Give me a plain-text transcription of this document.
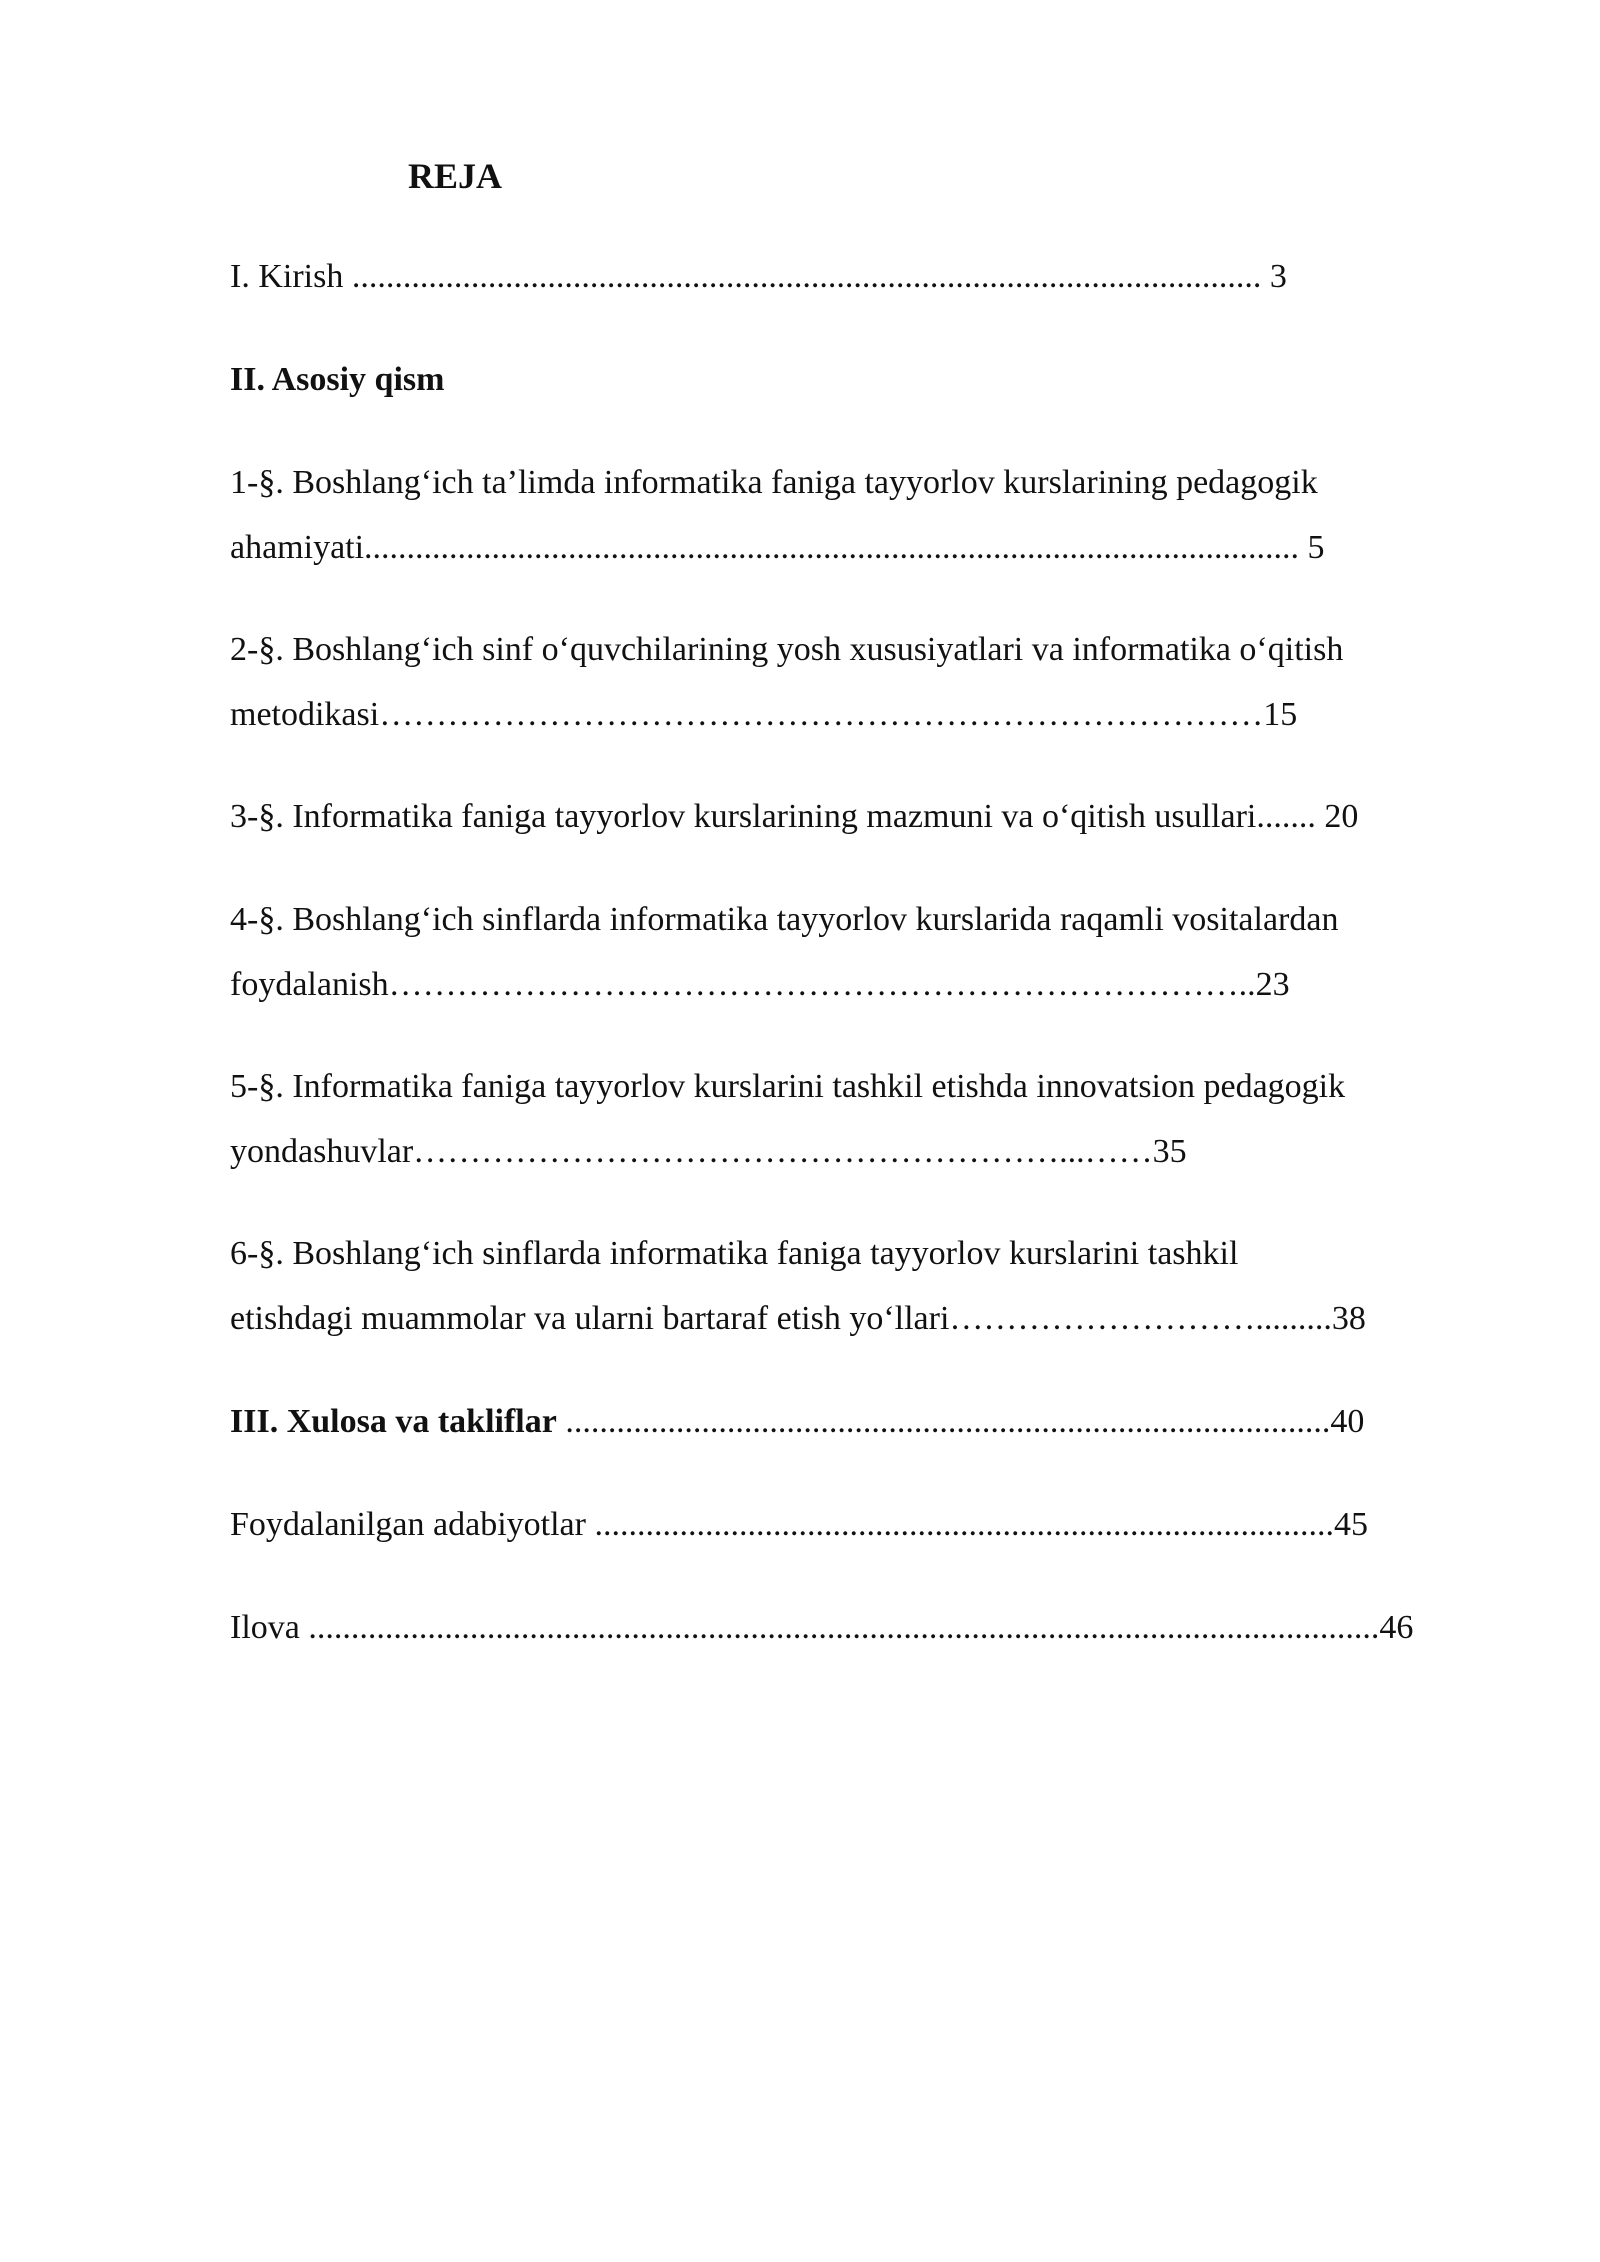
REJA
I. Kirish ........................................................................................................... 3
II. Asosiy qism
1-§. Boshlang‘ich ta’limda informatika faniga tayyorlov kurslarining pedagogik
ahamiyati.............................................................................................................. 5
2-§. Boshlang‘ich sinf o‘quvchilarining yosh xususiyatlari va informatika o‘qitish
metodikasi……………………………………………………………………15
3-§. Informatika faniga tayyorlov kurslarining mazmuni va o‘qitish usullari....... 20
4-§. Boshlang‘ich sinflarda informatika tayyorlov kurslarida raqamli vositalardan
foydalanish…………………………………………………………………..23
5-§. Informatika faniga tayyorlov kurslarini tashkil etishda innovatsion pedagogik
yondashuvlar…………………………………………………...……35
6-§. Boshlang‘ich sinflarda informatika faniga tayyorlov kurslarini tashkil
etishdagi muammolar va ularni bartaraf etish yo‘llari……………………….........38
III. Xulosa va takliflar ..........................................................................................40
Foydalanilgan adabiyotlar .......................................................................................45
Ilova ..............................................................................................................................46
